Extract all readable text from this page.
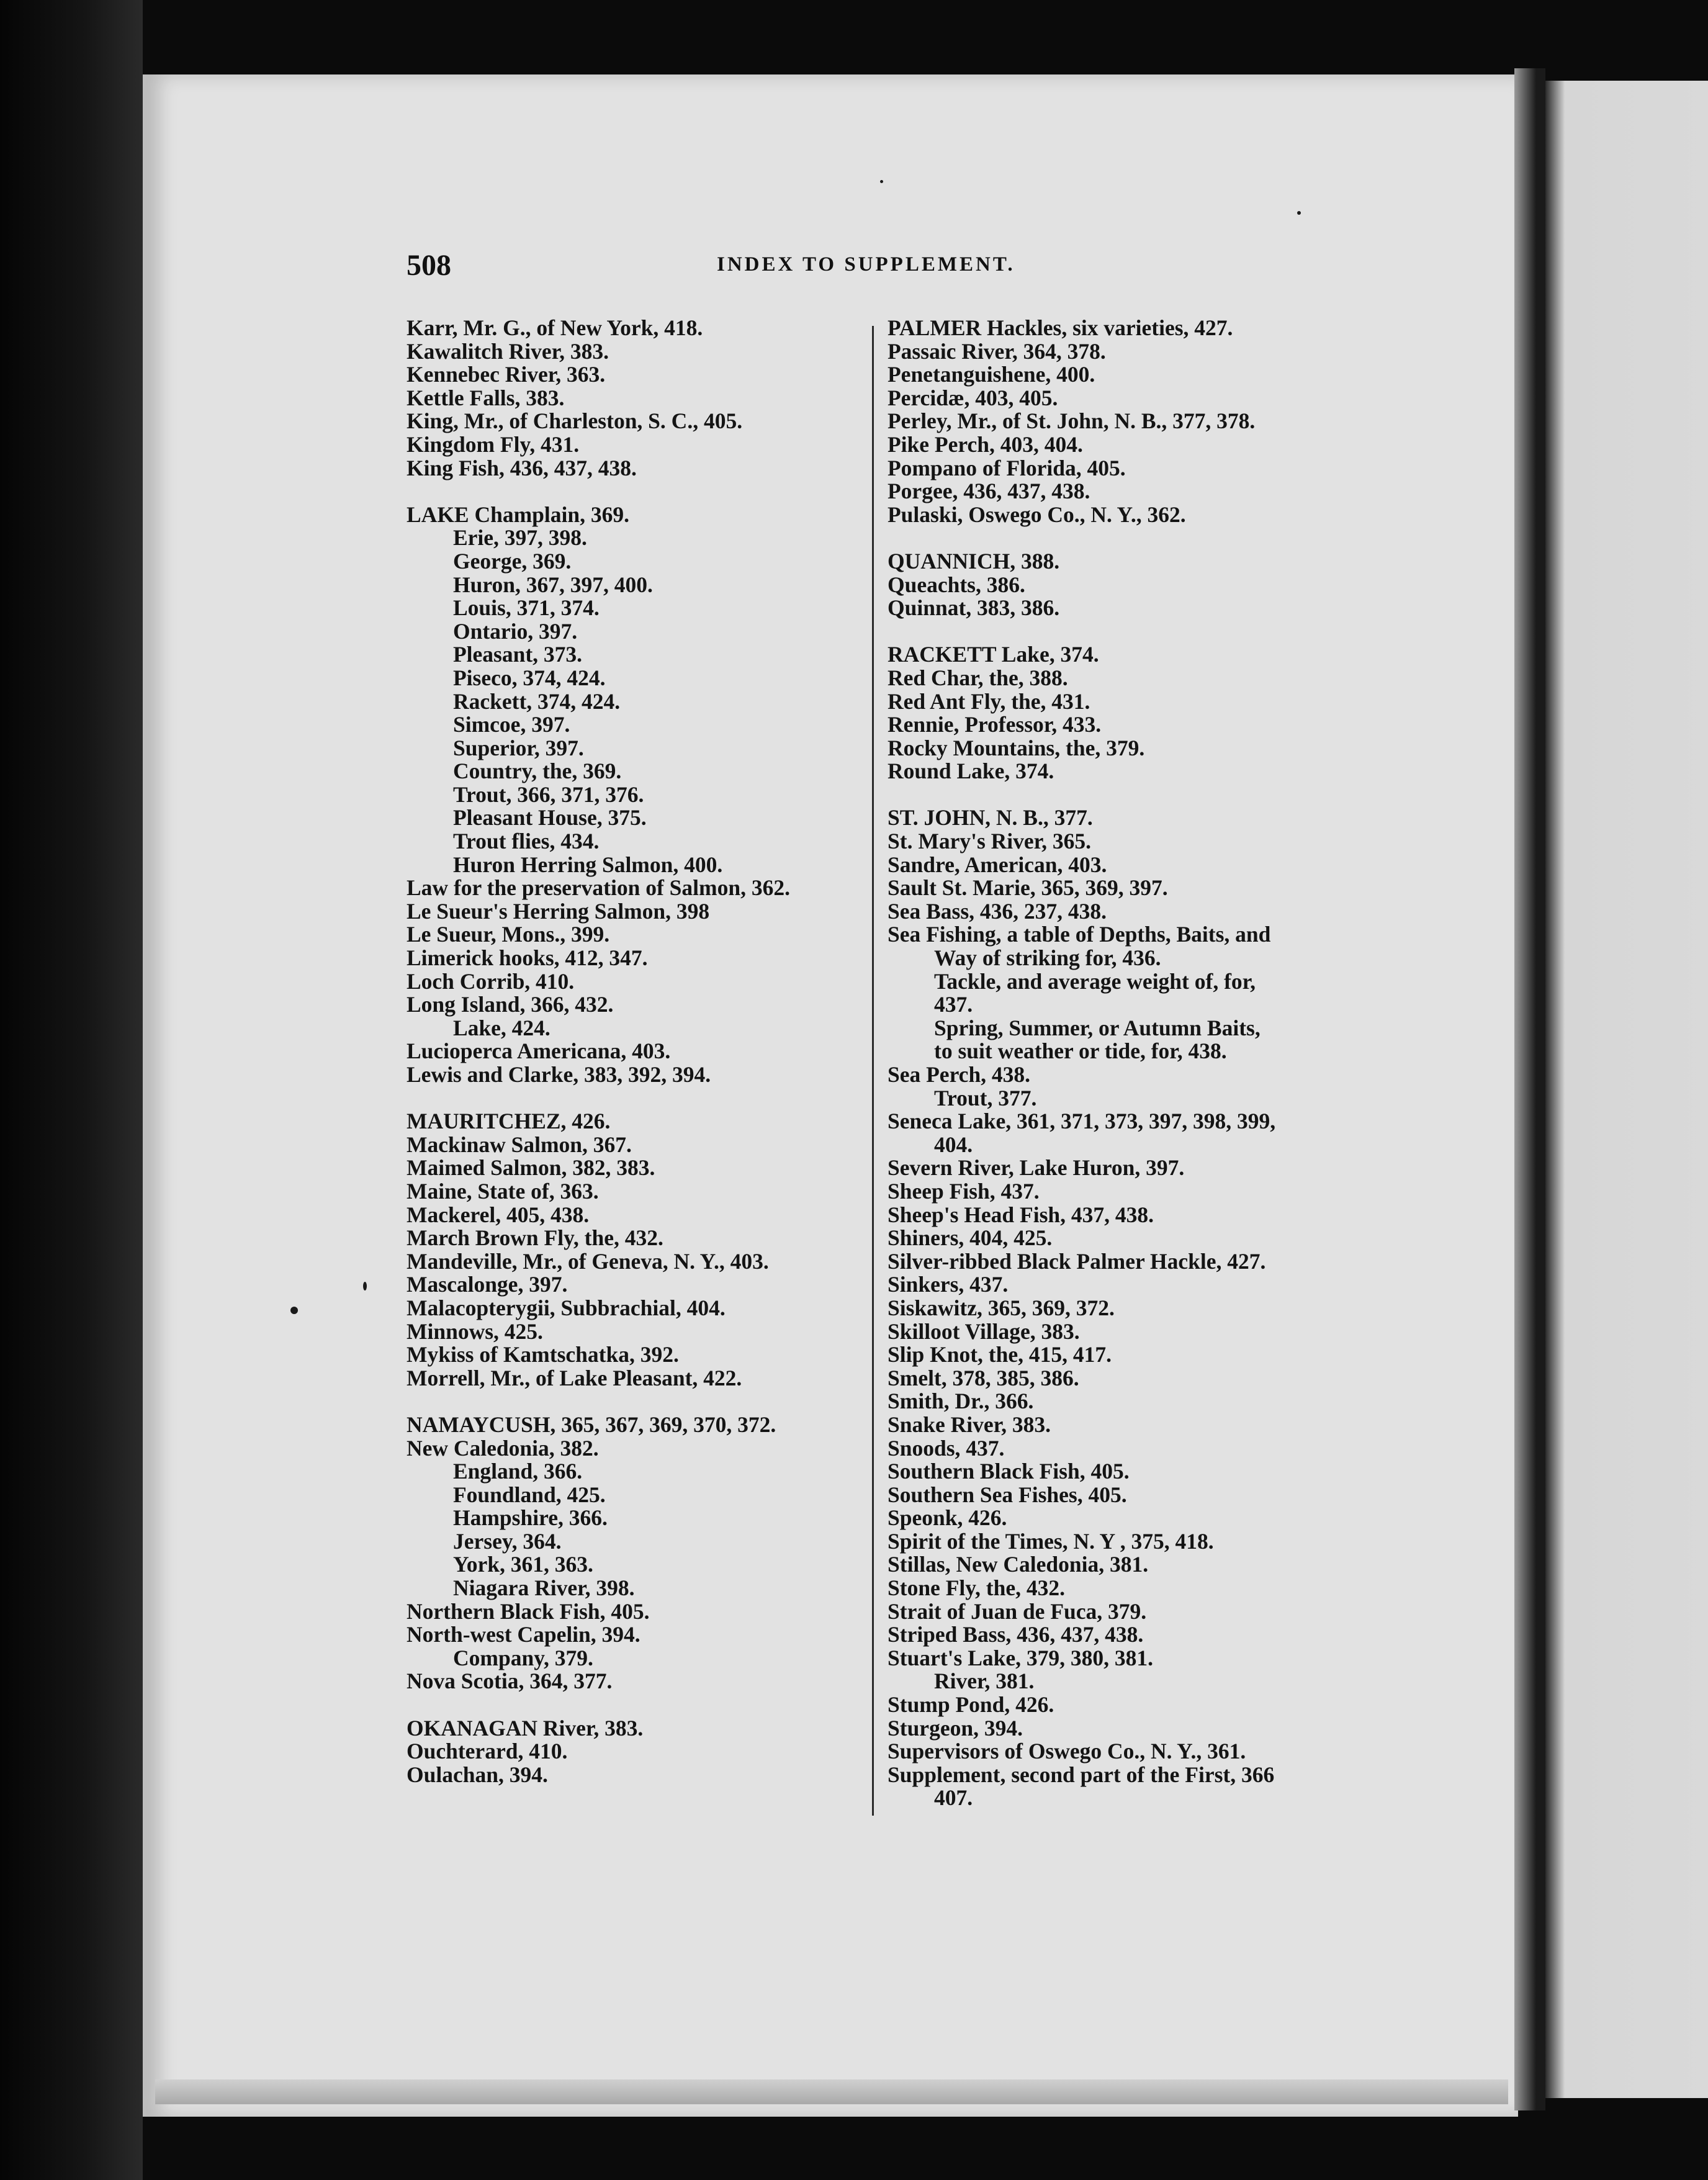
508	INDEX TO SUPPLEMENT.
Karr, Mr. G., of New York, 418.
Kawalitch River, 383.
Kennebec River, 363.
Kettle Falls, 383.
King, Mr., of Charleston, S. C., 405.
Kingdom Fly, 431.
King Fish, 436, 437, 438.
LAKE Champlain, 369.
Erie, 397, 398.
George, 369.
Huron, 367, 397, 400.
Louis, 371, 374.
Ontario, 397.
Pleasant, 373.
Piseco, 374, 424.
Rackett, 374, 424.
Simcoe, 397.
Superior, 397.
Country, the, 369.
Trout, 366, 371, 376.
Pleasant House, 375.
Trout flies, 434.
Huron Herring Salmon, 400.
Law for the preservation of Salmon, 362.
Le Sueur's Herring Salmon, 398
Le Sueur, Mons., 399.
Limerick hooks, 412, 347.
Loch Corrib, 410.
Long Island, 366, 432.
Lake, 424.
Lucioperca Americana, 403.
Lewis and Clarke, 383, 392, 394.
MAURITCHEZ, 426.
Mackinaw Salmon, 367.
Maimed Salmon, 382, 383.
Maine, State of, 363.
Mackerel, 405, 438.
March Brown Fly, the, 432.
Mandeville, Mr., of Geneva, N. Y., 403.
Mascalonge, 397.
Malacopterygii, Subbrachial, 404.
Minnows, 425.
Mykiss of Kamtschatka, 392.
Morrell, Mr., of Lake Pleasant, 422.
NAMAYCUSH, 365, 367, 369, 370, 372.
New Caledonia, 382.
England, 366.
Foundland, 425.
Hampshire, 366.
Jersey, 364.
York, 361, 363.
Niagara River, 398.
Northern Black Fish, 405.
North-west Capelin, 394.
Company, 379.
Nova Scotia, 364, 377.
OKANAGAN River, 383.
Ouchterard, 410.
Oulachan, 394.
PALMER Hackles, six varieties, 427.
Passaic River, 364, 378.
Penetanguishene, 400.
Percidæ, 403, 405.
Perley, Mr., of St. John, N. B., 377, 378.
Pike Perch, 403, 404.
Pompano of Florida, 405.
Porgee, 436, 437, 438.
Pulaski, Oswego Co., N. Y., 362.
QUANNICH, 388.
Queachts, 386.
Quinnat, 383, 386.
RACKETT Lake, 374.
Red Char, the, 388.
Red Ant Fly, the, 431.
Rennie, Professor, 433.
Rocky Mountains, the, 379.
Round Lake, 374.
ST. JOHN, N. B., 377.
St. Mary's River, 365.
Sandre, American, 403.
Sault St. Marie, 365, 369, 397.
Sea Bass, 436, 237, 438.
Sea Fishing, a table of Depths, Baits, and
Way of striking for, 436.
Tackle, and average weight of, for,
437.
Spring, Summer, or Autumn Baits,
to suit weather or tide, for, 438.
Sea Perch, 438.
Trout, 377.
Seneca Lake, 361, 371, 373, 397, 398, 399,
404.
Severn River, Lake Huron, 397.
Sheep Fish, 437.
Sheep's Head Fish, 437, 438.
Shiners, 404, 425.
Silver-ribbed Black Palmer Hackle, 427.
Sinkers, 437.
Siskawitz, 365, 369, 372.
Skilloot Village, 383.
Slip Knot, the, 415, 417.
Smelt, 378, 385, 386.
Smith, Dr., 366.
Snake River, 383.
Snoods, 437.
Southern Black Fish, 405.
Southern Sea Fishes, 405.
Speonk, 426.
Spirit of the Times, N. Y , 375, 418.
Stillas, New Caledonia, 381.
Stone Fly, the, 432.
Strait of Juan de Fuca, 379.
Striped Bass, 436, 437, 438.
Stuart's Lake, 379, 380, 381.
River, 381.
Stump Pond, 426.
Sturgeon, 394.
Supervisors of Oswego Co., N. Y., 361.
Supplement, second part of the First, 366
407.
